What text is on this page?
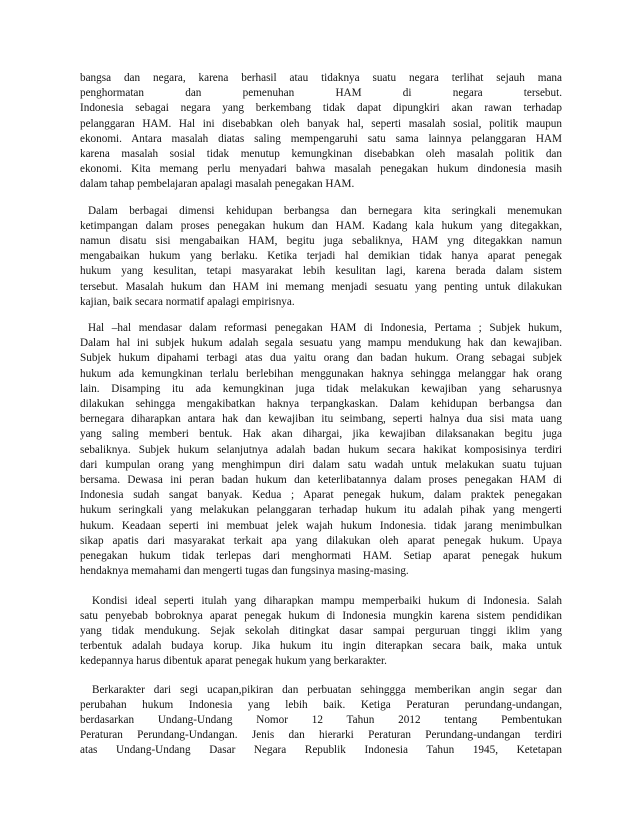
bangsa dan negara, karena berhasil atau tidaknya suatu negara terlihat sejauh mana
penghormatan dan pemenuhan HAM di negara tersebut.
Indonesia sebagai negara yang berkembang tidak dapat dipungkiri akan rawan terhadap
pelanggaran HAM. Hal ini disebabkan oleh banyak hal, seperti masalah sosial, politik maupun
ekonomi. Antara masalah diatas saling mempengaruhi satu sama lainnya pelanggaran HAM
karena masalah sosial tidak menutup kemungkinan disebabkan oleh masalah politik dan
ekonomi. Kita memang perlu menyadari bahwa masalah penegakan hukum dindonesia masih
dalam tahap pembelajaran apalagi masalah penegakan HAM.
Dalam berbagai dimensi kehidupan berbangsa dan bernegara kita seringkali menemukan
ketimpangan dalam proses penegakan hukum dan HAM. Kadang kala hukum yang ditegakkan,
namun disatu sisi mengabaikan HAM, begitu juga sebaliknya, HAM yng ditegakkan namun
mengabaikan hukum yang berlaku. Ketika terjadi hal demikian tidak hanya aparat penegak
hukum yang kesulitan, tetapi masyarakat lebih kesulitan lagi, karena berada dalam sistem
tersebut. Masalah hukum dan HAM ini memang menjadi sesuatu yang penting untuk dilakukan
kajian, baik secara normatif apalagi empirisnya.
Hal –hal mendasar dalam reformasi penegakan HAM di Indonesia, Pertama ; Subjek hukum,
Dalam hal ini subjek hukum adalah segala sesuatu yang mampu mendukung hak dan kewajiban.
Subjek hukum dipahami terbagi atas dua yaitu orang dan badan hukum. Orang sebagai subjek
hukum ada kemungkinan terlalu berlebihan menggunakan haknya sehingga melanggar hak orang
lain. Disamping itu ada kemungkinan juga tidak melakukan kewajiban yang seharusnya
dilakukan sehingga mengakibatkan haknya terpangkaskan. Dalam kehidupan berbangsa dan
bernegara diharapkan antara hak dan kewajiban itu seimbang, seperti halnya dua sisi mata uang
yang saling memberi bentuk. Hak akan dihargai, jika kewajiban dilaksanakan begitu juga
sebaliknya. Subjek hukum selanjutnya adalah badan hukum secara hakikat komposisinya terdiri
dari kumpulan orang yang menghimpun diri dalam satu wadah untuk melakukan suatu tujuan
bersama. Dewasa ini peran badan hukum dan keterlibatannya dalam proses penegakan HAM di
Indonesia sudah sangat banyak. Kedua ; Aparat penegak hukum, dalam praktek penegakan
hukum seringkali yang melakukan pelanggaran terhadap hukum itu adalah pihak yang mengerti
hukum. Keadaan seperti ini membuat jelek wajah hukum Indonesia. tidak jarang menimbulkan
sikap apatis dari masyarakat terkait apa yang dilakukan oleh aparat penegak hukum. Upaya
penegakan hukum tidak terlepas dari menghormati HAM. Setiap aparat penegak hukum
hendaknya memahami dan mengerti tugas dan fungsinya masing-masing.
Kondisi ideal seperti itulah yang diharapkan mampu memperbaiki hukum di Indonesia. Salah
satu penyebab bobroknya aparat penegak hukum di Indonesia mungkin karena sistem pendidikan
yang tidak mendukung. Sejak sekolah ditingkat dasar sampai perguruan tinggi iklim yang
terbentuk adalah budaya korup. Jika hukum itu ingin diterapkan secara baik, maka untuk
kedepannya harus dibentuk aparat penegak hukum yang berkarakter.
Berkarakter dari segi ucapan,pikiran dan perbuatan sehinggga memberikan angin segar dan
perubahan hukum Indonesia yang lebih baik. Ketiga Peraturan perundang-undangan,
berdasarkan Undang-Undang Nomor 12 Tahun 2012 tentang Pembentukan
Peraturan Perundang-Undangan. Jenis dan hierarki Peraturan Perundang-undangan terdiri
atas Undang-Undang Dasar Negara Republik Indonesia Tahun 1945, Ketetapan
